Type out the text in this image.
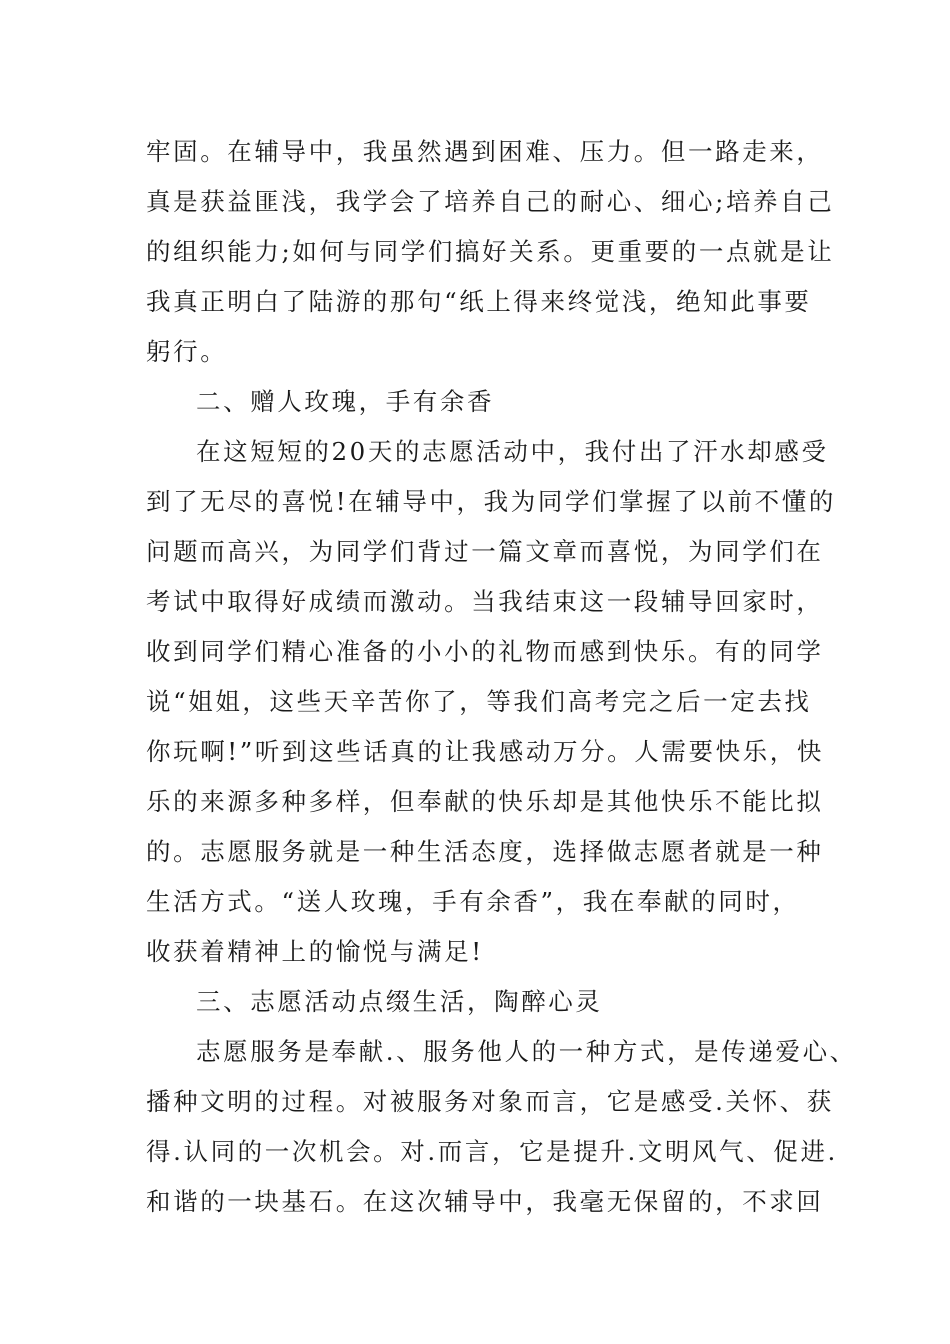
牢固。在辅导中，我虽然遇到困难、压力。但一路走来，
真是获益匪浅，我学会了培养自己的耐心、细心;培养自己
的组织能力;如何与同学们搞好关系。更重要的一点就是让
我真正明白了陆游的那句“纸上得来终觉浅，绝知此事要
躬行。
二、赠人玫瑰，手有余香
在这短短的20天的志愿活动中，我付出了汗水却感受
到了无尽的喜悦!在辅导中，我为同学们掌握了以前不懂的
问题而高兴，为同学们背过一篇文章而喜悦，为同学们在
考试中取得好成绩而激动。当我结束这一段辅导回家时，
收到同学们精心准备的小小的礼物而感到快乐。有的同学
说“姐姐，这些天辛苦你了，等我们高考完之后一定去找
你玩啊!”听到这些话真的让我感动万分。人需要快乐，快
乐的来源多种多样，但奉献的快乐却是其他快乐不能比拟
的。志愿服务就是一种生活态度，选择做志愿者就是一种
生活方式。“送人玫瑰，手有余香”，我在奉献的同时，
收获着精神上的愉悦与满足!
三、志愿活动点缀生活，陶醉心灵
志愿服务是奉献.、服务他人的一种方式，是传递爱心、
播种文明的过程。对被服务对象而言，它是感受.关怀、获
得.认同的一次机会。对.而言，它是提升.文明风气、促进.
和谐的一块基石。在这次辅导中，我毫无保留的，不求回
